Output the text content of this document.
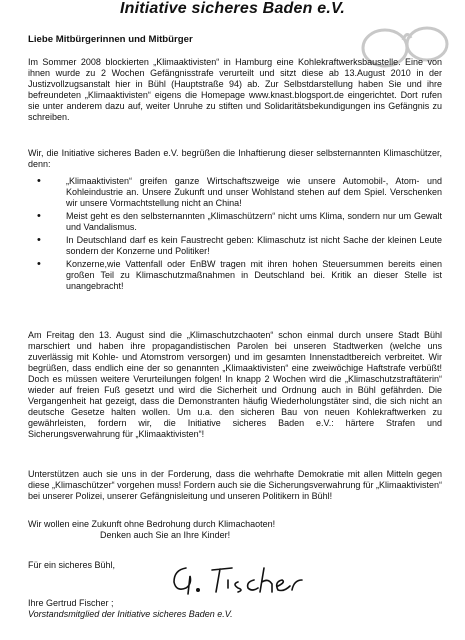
Initiative sicheres Baden e.V.
Liebe Mitbürgerinnen und Mitbürger

Im Sommer 2008 blockierten „Klimaaktivisten“ in Hamburg eine Kohlekraftwerksbaustelle. Eine von ihnen wurde zu 2 Wochen Gefängnisstrafe verurteilt und sitzt diese ab 13.August 2010 in der Justizvollzugsanstalt hier in Bühl (Hauptstraße 94) ab. Zur Selbstdarstellung haben Sie und ihre befreundeten „Klimaaktivisten“ eigens die Homepage www.knast.blogsport.de eingerichtet. Dort rufen sie unter anderem dazu auf, weiter Unruhe zu stiften und Solidaritätsbekundigungen ins Gefängnis zu schreiben.

Wir, die Initiative sicheres Baden e.V. begrüßen die Inhaftierung dieser selbsternannten Klimaschützer, denn:

•	„Klimaaktivisten“ greifen ganze Wirtschaftszweige wie unsere Automobil-, Atom- und Kohleindustrie an. Unsere Zukunft und unser Wohlstand stehen auf dem Spiel. Verschenken wir unsere Vormachtstellung nicht an China!
•	Meist geht es den selbsternannten „Klimaschützern“ nicht ums Klima, sondern nur um Gewalt und Vandalismus.
•	In Deutschland darf es kein Faustrecht geben: Klimaschutz ist nicht Sache der kleinen Leute sondern der Konzerne und Politiker!
•	Konzerne,wie Vattenfall oder EnBW tragen mit ihren hohen Steuersummen bereits einen großen Teil zu Klimaschutzmaßnahmen in Deutschland bei. Kritik an dieser Stelle ist unangebracht!

Am Freitag den 13. August sind die „Klimaschutzchaoten“ schon einmal durch unsere Stadt Bühl marschiert und haben ihre propagandistischen Parolen bei unseren Stadtwerken (welche uns zuverlässig mit Kohle- und Atomstrom versorgen) und im gesamten Innenstadtbereich verbreitet. Wir begrüßen, dass endlich eine der so genannten „Klimaaktivisten“ eine zweiwöchige Haftstrafe verbüßt! Doch es müssen weitere Verurteilungen folgen! In knapp 2 Wochen wird die „Klimaschutzstraftäterin“ wieder auf freien Fuß gesetzt und wird die Sicherheit und Ordnung auch in Bühl gefährden. Die Vergangenheit hat gezeigt, dass die Demonstranten häufig Wiederholungstäter sind, die sich nicht an deutsche Gesetze halten wollen. Um u.a. den sicheren Bau von neuen Kohlekraftwerken zu gewährleisten, fordern wir, die Initiative sicheres Baden e.V.: härtere Strafen und Sicherungsverwahrung für „Klimaaktivisten“!

Unterstützen auch sie uns in der Forderung, dass die wehrhafte Demokratie mit allen Mitteln gegen diese „Klimaschützer“ vorgehen muss! Fordern auch sie die Sicherungsverwahrung für „Klimaaktivisten“ bei unserer Polizei, unserer Gefängnisleitung und unseren Politikern in Bühl!

Wir wollen eine Zukunft ohne Bedrohung durch Klimachaoten!
Denken auch Sie an Ihre Kinder!
Für ein sicheres Bühl,
Ihre Gertrud Fischer ;
Vorstandsmitglied der Initiative sicheres Baden e.V.
